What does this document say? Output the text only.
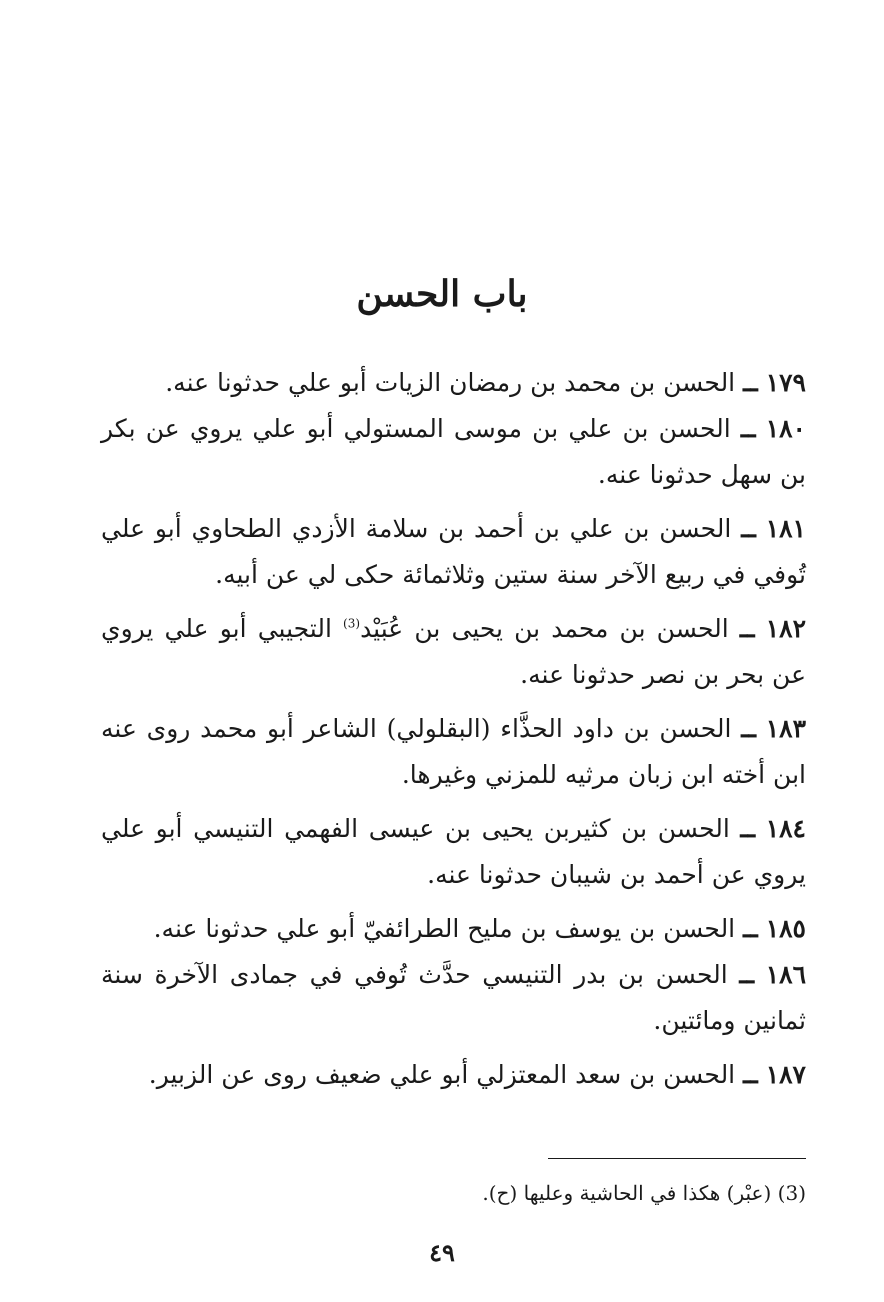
باب الحسن

١٧٩ ــ الحسن بن محمد بن رمضان الزيات أبو علي حدثونا عنه.

١٨٠ ــ الحسن بن علي بن موسى المستولي أبو علي يروي عن بكر بن سهل حدثونا عنه.

١٨١ ــ الحسن بن علي بن أحمد بن سلامة الأزدي الطحاوي أبو علي تُوفي في ربيع الآخر سنة ستين وثلاثمائة حكى لي عن أبيه.

١٨٢ ــ الحسن بن محمد بن يحيى بن عُبَيْد$^{(3)}$ التجيبي أبو علي يروي عن بحر بن نصر حدثونا عنه.

١٨٣ ــ الحسن بن داود الحذَّاء (البقلولي) الشاعر أبو محمد روى عنه ابن أخته ابن زبان مرثيه للمزني وغيرها.

١٨٤ ــ الحسن بن كثيربن يحيى بن عيسى الفهمي التنيسي أبو علي يروي عن أحمد بن شيبان حدثونا عنه.

١٨٥ ــ الحسن بن يوسف بن مليح الطرائفيّ أبو علي حدثونا عنه.

١٨٦ ــ الحسن بن بدر التنيسي حدَّث تُوفي في جمادى الآخرة سنة ثمانين ومائتين.

١٨٧ ــ الحسن بن سعد المعتزلي أبو علي ضعيف روى عن الزبير.

(3) (عبْر) هكذا في الحاشية وعليها (ح).
٤٩
